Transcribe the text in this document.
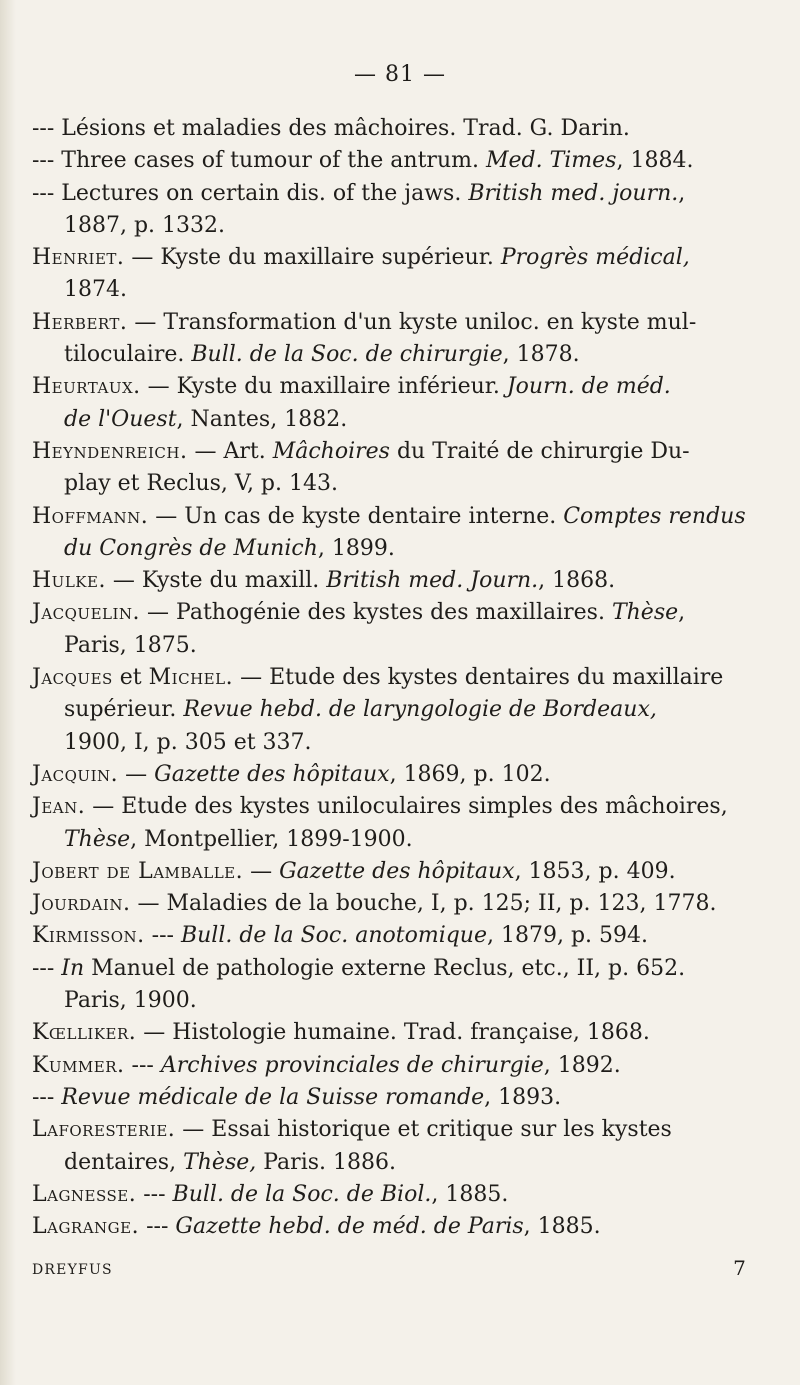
— 81 —
--- Lésions et maladies des mâchoires. Trad. G. Darin.
--- Three cases of tumour of the antrum. Med. Times, 1884.
--- Lectures on certain dis. of the jaws. British med. journ.,
1887, p. 1332.
Henriet. — Kyste du maxillaire supérieur. Progrès médical,
1874.
Herbert. — Transformation d'un kyste uniloc. en kyste mul-
tiloculaire. Bull. de la Soc. de chirurgie, 1878.
Heurtaux. — Kyste du maxillaire inférieur. Journ. de méd.
de l'Ouest, Nantes, 1882.
Heyndenreich. — Art. Mâchoires du Traité de chirurgie Du-
play et Reclus, V, p. 143.
Hoffmann. — Un cas de kyste dentaire interne. Comptes rendus
du Congrès de Munich, 1899.
Hulke. — Kyste du maxill. British med. Journ., 1868.
Jacquelin. — Pathogénie des kystes des maxillaires. Thèse,
Paris, 1875.
Jacques et Michel. — Etude des kystes dentaires du maxillaire
supérieur. Revue hebd. de laryngologie de Bordeaux,
1900, I, p. 305 et 337.
Jacquin. — Gazette des hôpitaux, 1869, p. 102.
Jean. — Etude des kystes uniloculaires simples des mâchoires,
Thèse, Montpellier, 1899-1900.
Jobert de Lamballe. — Gazette des hôpitaux, 1853, p. 409.
Jourdain. — Maladies de la bouche, I, p. 125; II, p. 123, 1778.
Kirmisson. --- Bull. de la Soc. anotomique, 1879, p. 594.
--- In Manuel de pathologie externe Reclus, etc., II, p. 652.
Paris, 1900.
Kœlliker. — Histologie humaine. Trad. française, 1868.
Kummer. --- Archives provinciales de chirurgie, 1892.
--- Revue médicale de la Suisse romande, 1893.
Laforesterie. — Essai historique et critique sur les kystes
dentaires, Thèse, Paris. 1886.
Lagnesse. --- Bull. de la Soc. de Biol., 1885.
Lagrange. --- Gazette hebd. de méd. de Paris, 1885.
DREYFUS	7
